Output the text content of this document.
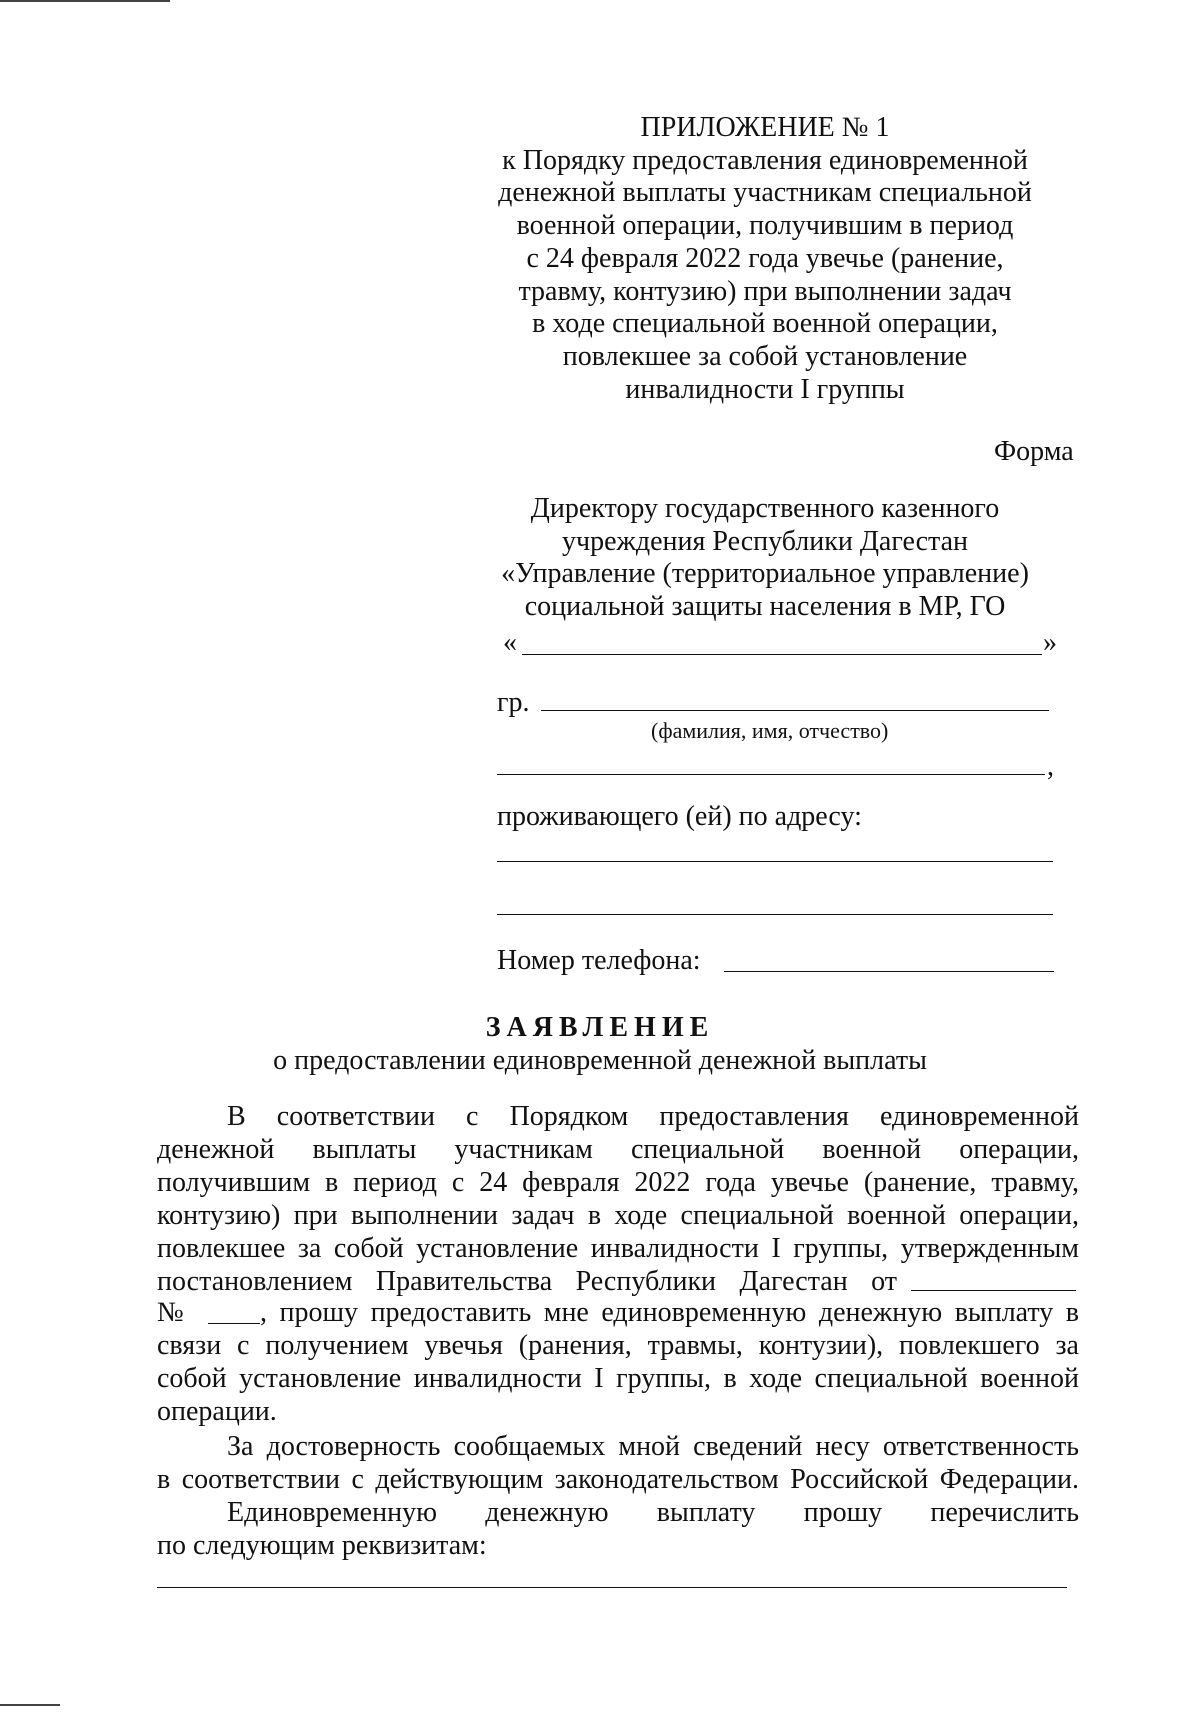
ПРИЛОЖЕНИЕ № 1
к Порядку предоставления единовременной
денежной выплаты участникам специальной
военной операции, получившим в период
с 24 февраля 2022 года увечье (ранение,
травму, контузию) при выполнении задач
в ходе специальной военной операции,
повлекшее за собой установление
инвалидности I группы
Форма
Директору государственного казенного
учреждения Республики Дагестан
«Управление (территориальное управление)
социальной защиты населения в МР, ГО
«	»
гр.
(фамилия, имя, отчество)
,
проживающего (ей) по адресу:
Номер телефона:
ЗАЯВЛЕНИЕ
о предоставлении единовременной денежной выплаты
В соответствии с Порядком предоставления единовременной
денежной выплаты участникам специальной военной операции,
получившим в период с 24 февраля 2022 года увечье (ранение, травму,
контузию) при выполнении задач в ходе специальной военной операции,
повлекшее за собой установление инвалидности I группы, утвержденным
постановлением Правительства Республики Дагестан от
№	, прошу предоставить мне единовременную денежную выплату в
связи с получением увечья (ранения, травмы, контузии), повлекшего за
собой установление инвалидности I группы, в ходе специальной военной
операции.
За достоверность сообщаемых мной сведений несу ответственность
в соответствии с действующим законодательством Российской Федерации.
Единовременную денежную выплату прошу перечислить
по следующим реквизитам:
